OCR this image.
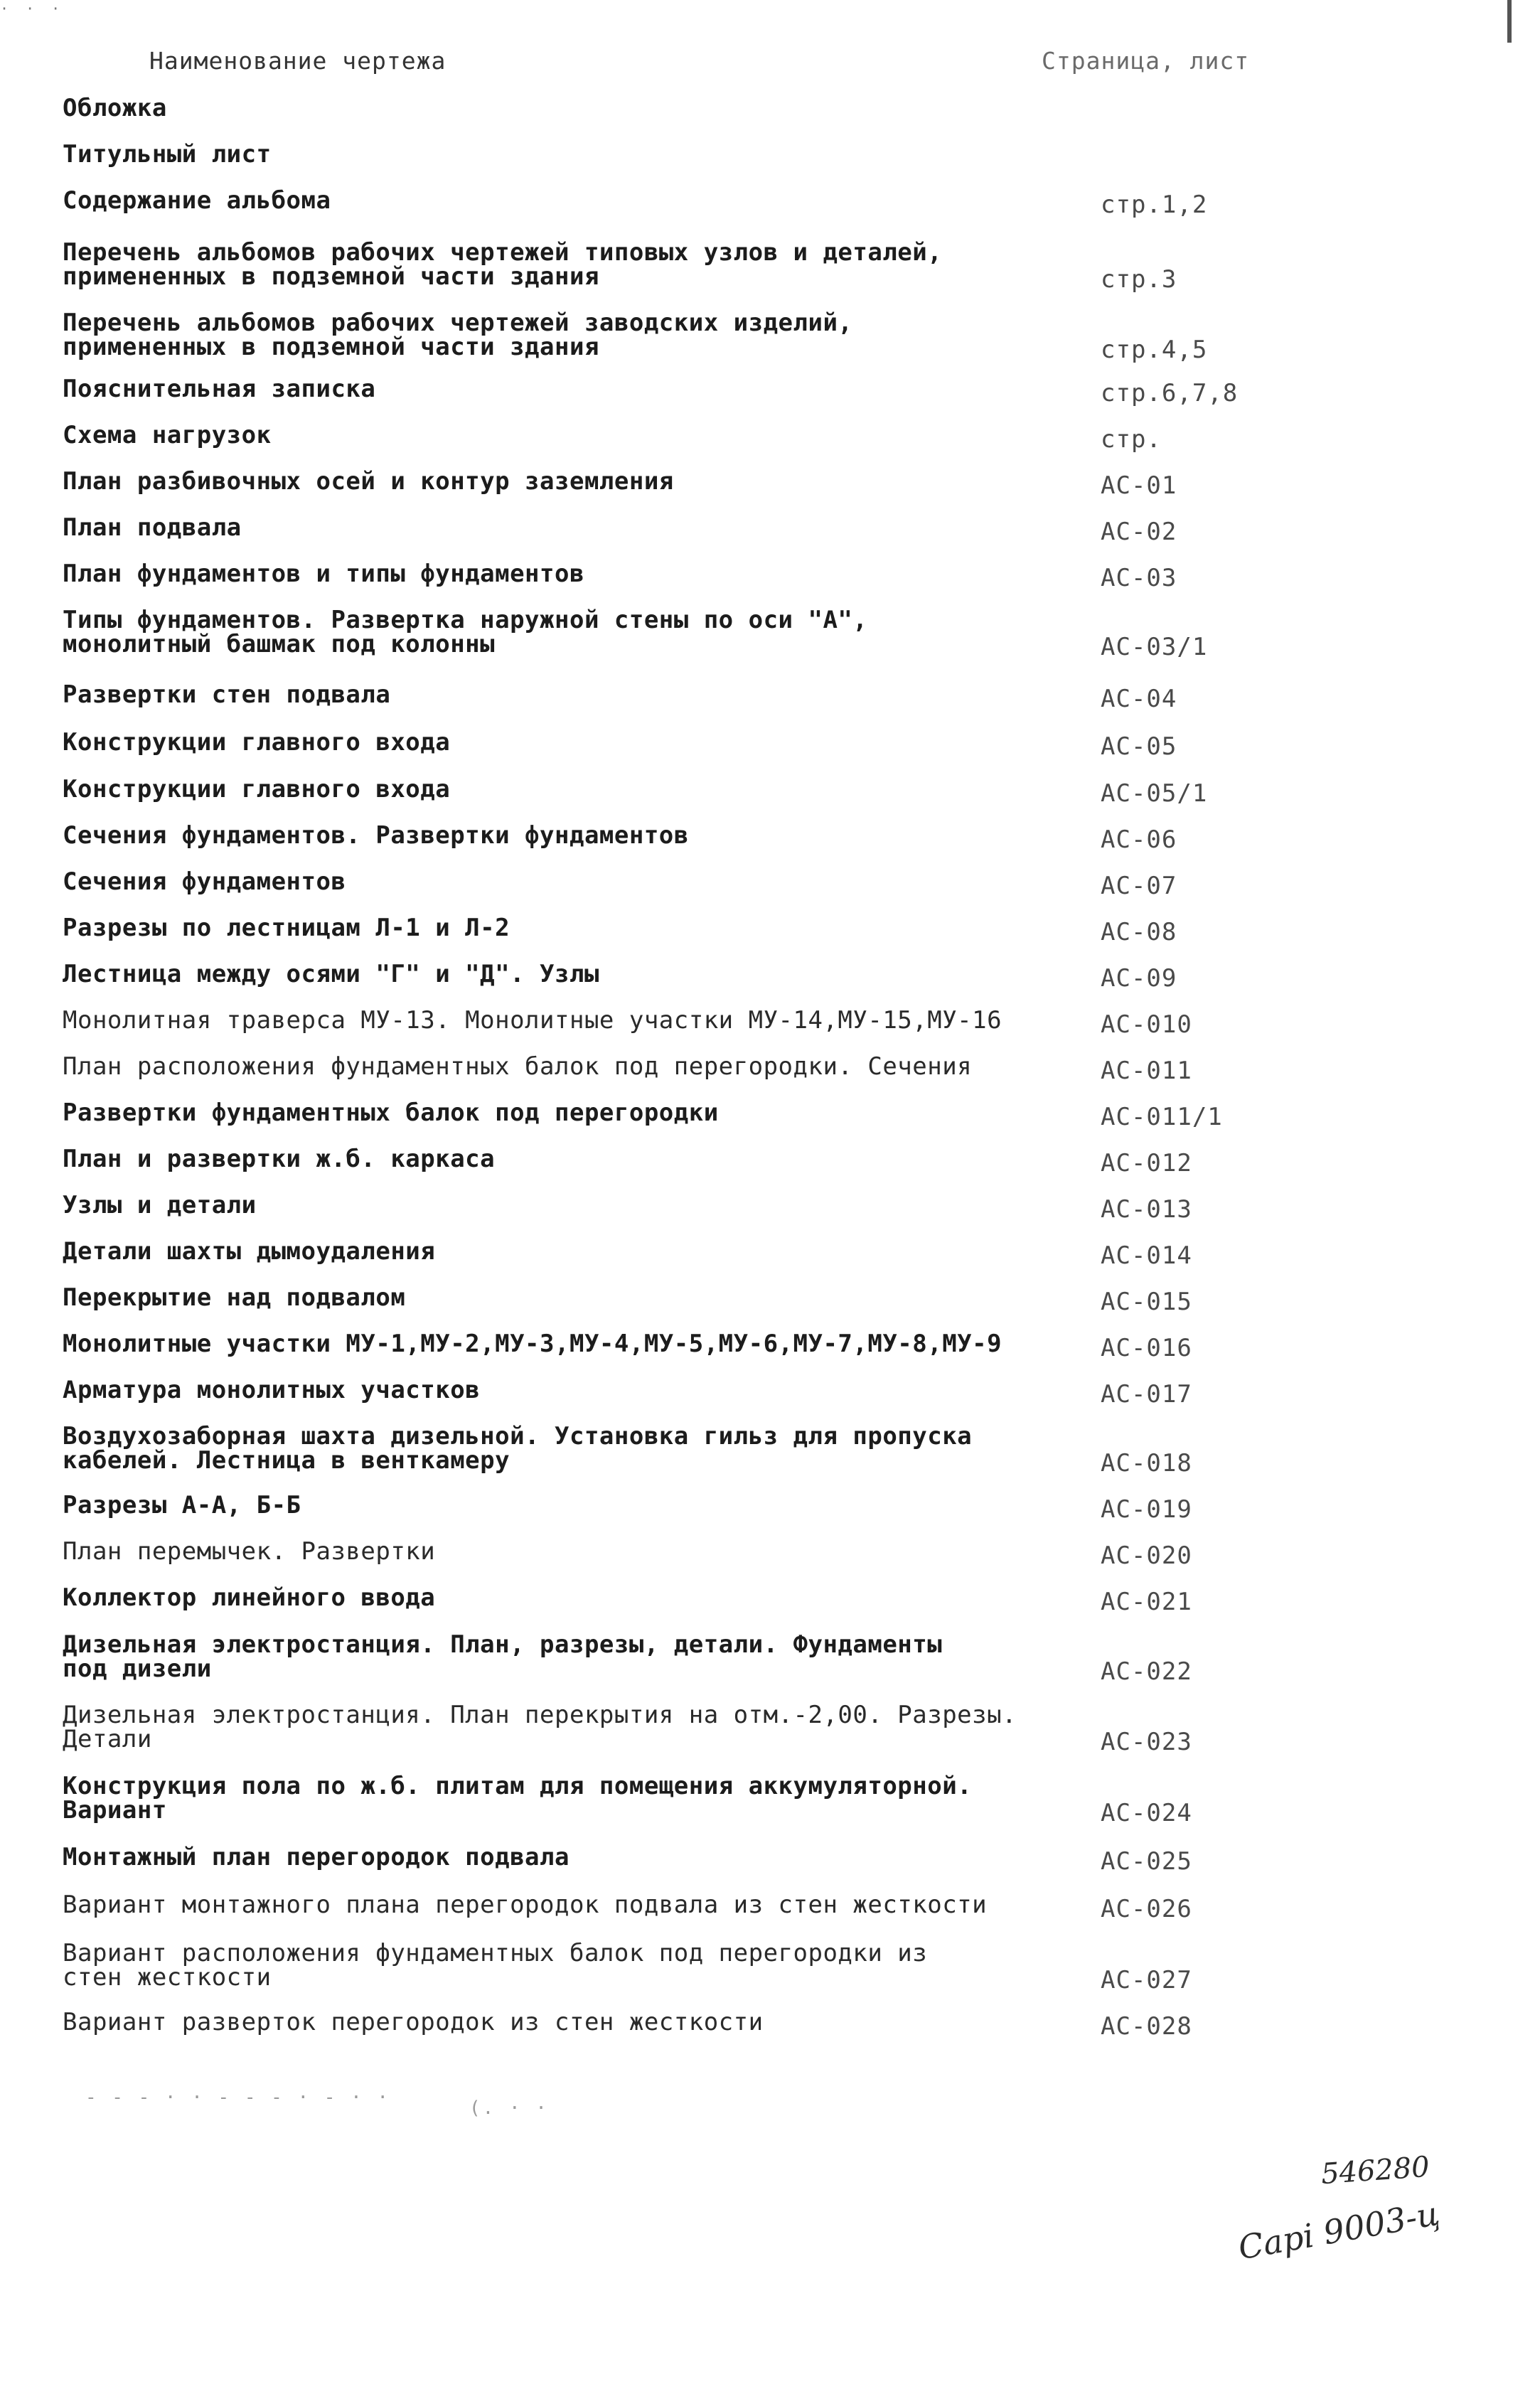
· · ·
Наименование чертежа	Страница, лист
Обложка
Титульный лист
Содержание альбома	стр.1,2
Перечень альбомов рабочих чертежей типовых узлов и деталей,
примененных в подземной части здания	стр.3
Перечень альбомов рабочих чертежей заводских изделий,
примененных в подземной части здания	стр.4,5
Пояснительная записка	стр.6,7,8
Схема нагрузок	стр.
План разбивочных осей и контур заземления	АС-01
План подвала	АС-02
План фундаментов и типы фундаментов	АС-03
Типы фундаментов. Развертка наружной стены по оси "А",
монолитный башмак под колонны	АС-03/1
Развертки стен подвала	АС-04
Конструкции главного входа	АС-05
Конструкции главного входа	АС-05/1
Сечения фундаментов. Развертки фундаментов	АС-06
Сечения фундаментов	АС-07
Разрезы по лестницам Л-1 и Л-2	АС-08
Лестница между осями "Г" и "Д". Узлы	АС-09
Монолитная траверса МУ-13. Монолитные участки МУ-14,МУ-15,МУ-16	АС-010
План расположения фундаментных балок под перегородки. Сечения	АС-011
Развертки фундаментных балок под перегородки	АС-011/1
План и развертки ж.б. каркаса	АС-012
Узлы и детали	АС-013
Детали шахты дымоудаления	АС-014
Перекрытие над подвалом	АС-015
Монолитные участки МУ-1,МУ-2,МУ-3,МУ-4,МУ-5,МУ-6,МУ-7,МУ-8,МУ-9	АС-016
Арматура монолитных участков	АС-017
Воздухозаборная шахта дизельной. Установка гильз для пропуска
кабелей. Лестница в венткамеру	АС-018
Разрезы А-А, Б-Б	АС-019
План перемычек. Развертки	АС-020
Коллектор линейного ввода	АС-021
Дизельная электростанция. План, разрезы, детали. Фундаменты
под дизели	АС-022
Дизельная электростанция. План перекрытия на отм.-2,00. Разрезы.
Детали	АС-023
Конструкция пола по ж.б. плитам для помещения аккумуляторной.
Вариант	АС-024
Монтажный план перегородок подвала	АС-025
Вариант монтажного плана перегородок подвала из стен жесткости	АС-026
Вариант расположения фундаментных балок под перегородки из
стен жесткости	АС-027
Вариант разверток перегородок из стен жесткости	АС-028
- - - · · - - - · - · ·	(. · ·
546280
Сарі 9003-ц
